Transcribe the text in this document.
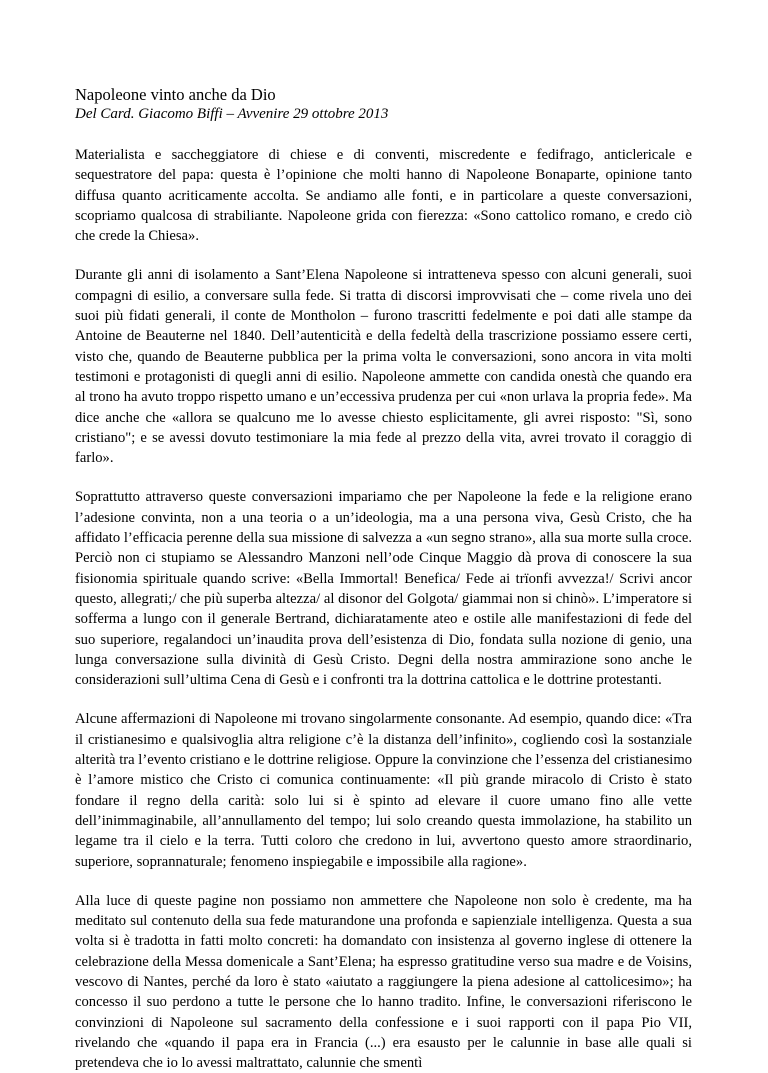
Napoleone vinto anche da Dio
Del Card. Giacomo Biffi – Avvenire 29 ottobre 2013

Materialista e saccheggiatore di chiese e di conventi, miscredente e fedifrago, anticlericale e sequestratore del papa: questa è l’opinione che molti hanno di Napoleone Bonaparte, opinione tanto diffusa quanto acriticamente accolta. Se andiamo alle fonti, e in particolare a queste conversazioni, scopriamo qualcosa di strabiliante. Napoleone grida con fierezza: «Sono cattolico romano, e credo ciò che crede la Chiesa».

Durante gli anni di isolamento a Sant’Elena Napoleone si intratteneva spesso con alcuni generali, suoi compagni di esilio, a conversare sulla fede. Si tratta di discorsi improvvisati che – come rivela uno dei suoi più fidati generali, il conte de Montholon – furono trascritti fedelmente e poi dati alle stampe da Antoine de Beauterne nel 1840. Dell’autenticità e della fedeltà della trascrizione possiamo essere certi, visto che, quando de Beauterne pubblica per la prima volta le conversazioni, sono ancora in vita molti testimoni e protagonisti di quegli anni di esilio. Napoleone ammette con candida onestà che quando era al trono ha avuto troppo rispetto umano e un’eccessiva prudenza per cui «non urlava la propria fede». Ma dice anche che «allora se qualcuno me lo avesse chiesto esplicitamente, gli avrei risposto: "Sì, sono cristiano"; e se avessi dovuto testimoniare la mia fede al prezzo della vita, avrei trovato il coraggio di farlo».

Soprattutto attraverso queste conversazioni impariamo che per Napoleone la fede e la religione erano l’adesione convinta, non a una teoria o a un’ideologia, ma a una persona viva, Gesù Cristo, che ha affidato l’efficacia perenne della sua missione di salvezza a «un segno strano», alla sua morte sulla croce. Perciò non ci stupiamo se Alessandro Manzoni nell’ode Cinque Maggio dà prova di conoscere la sua fisionomia spirituale quando scrive: «Bella Immortal! Benefica/ Fede ai trïonfi avvezza!/ Scrivi ancor questo, allegrati;/ che più superba altezza/ al disonor del Golgota/ giammai non si chinò». L’imperatore si sofferma a lungo con il generale Bertrand, dichiaratamente ateo e ostile alle manifestazioni di fede del suo superiore, regalandoci un’inaudita prova dell’esistenza di Dio, fondata sulla nozione di genio, una lunga conversazione sulla divinità di Gesù Cristo. Degni della nostra ammirazione sono anche le considerazioni sull’ultima Cena di Gesù e i confronti tra la dottrina cattolica e le dottrine protestanti.

Alcune affermazioni di Napoleone mi trovano singolarmente consonante. Ad esempio, quando dice: «Tra il cristianesimo e qualsivoglia altra religione c’è la distanza dell’infinito», cogliendo così la sostanziale alterità tra l’evento cristiano e le dottrine religiose. Oppure la convinzione che l’essenza del cristianesimo è l’amore mistico che Cristo ci comunica continuamente: «Il più grande miracolo di Cristo è stato fondare il regno della carità: solo lui si è spinto ad elevare il cuore umano fino alle vette dell’inimmaginabile, all’annullamento del tempo; lui solo creando questa immolazione, ha stabilito un legame tra il cielo e la terra. Tutti coloro che credono in lui, avvertono questo amore straordinario, superiore, soprannaturale; fenomeno inspiegabile e impossibile alla ragione».

Alla luce di queste pagine non possiamo non ammettere che Napoleone non solo è credente, ma ha meditato sul contenuto della sua fede maturandone una profonda e sapienziale intelligenza. Questa a sua volta si è tradotta in fatti molto concreti: ha domandato con insistenza al governo inglese di ottenere la celebrazione della Messa domenicale a Sant’Elena; ha espresso gratitudine verso sua madre e de Voisins, vescovo di Nantes, perché da loro è stato «aiutato a raggiungere la piena adesione al cattolicesimo»; ha concesso il suo perdono a tutte le persone che lo hanno tradito. Infine, le conversazioni riferiscono le convinzioni di Napoleone sul sacramento della confessione e i suoi rapporti con il papa Pio VII, rivelando che «quando il papa era in Francia (...) era esausto per le calunnie in base alle quali si pretendeva che io lo avessi maltrattato, calunnie che smentì
